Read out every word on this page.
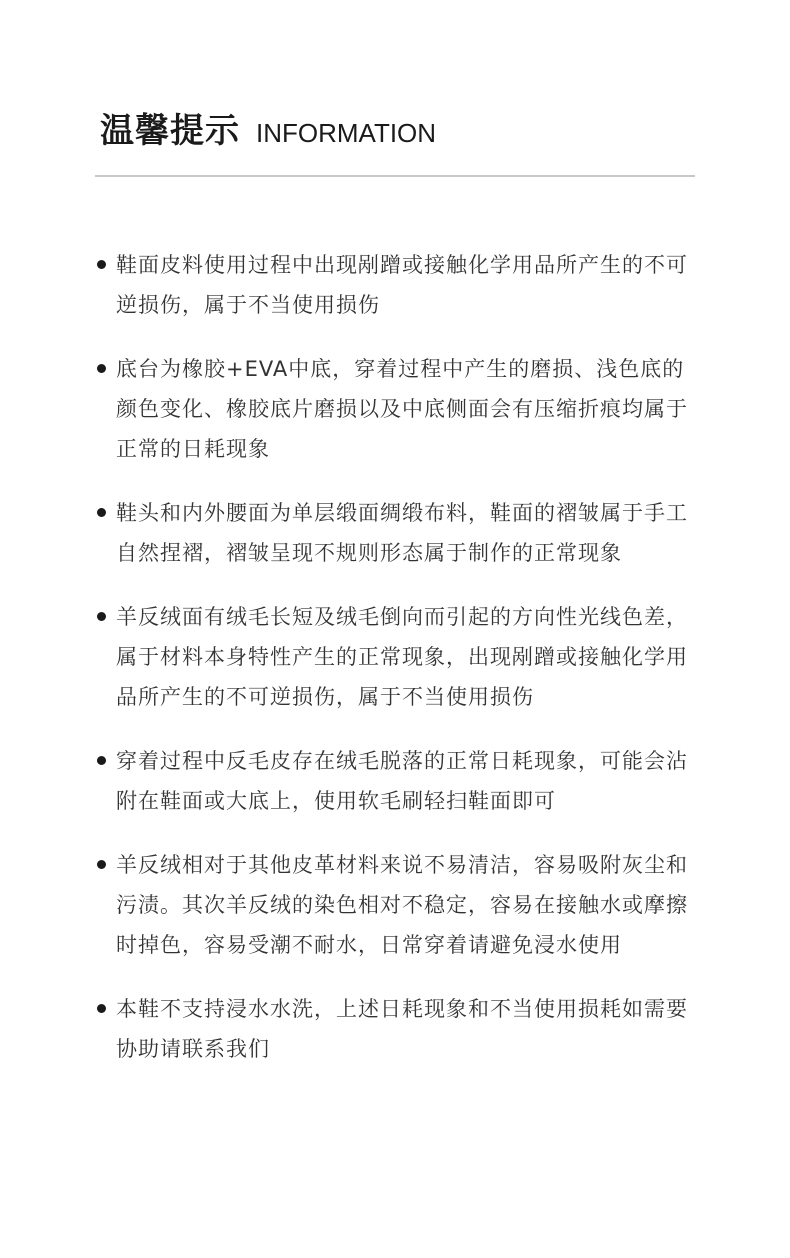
温馨提示 INFORMATION
鞋面皮料使用过程中出现剐蹭或接触化学用品所产生的不可逆损伤，属于不当使用损伤
底台为橡胶+EVA中底，穿着过程中产生的磨损、浅色底的颜色变化、橡胶底片磨损以及中底侧面会有压缩折痕均属于正常的日耗现象
鞋头和内外腰面为单层缎面绸缎布料，鞋面的褶皱属于手工自然捏褶，褶皱呈现不规则形态属于制作的正常现象
羊反绒面有绒毛长短及绒毛倒向而引起的方向性光线色差，属于材料本身特性产生的正常现象，出现剐蹭或接触化学用品所产生的不可逆损伤，属于不当使用损伤
穿着过程中反毛皮存在绒毛脱落的正常日耗现象，可能会沾附在鞋面或大底上，使用软毛刷轻扫鞋面即可
羊反绒相对于其他皮革材料来说不易清洁，容易吸附灰尘和污渍。其次羊反绒的染色相对不稳定，容易在接触水或摩擦时掉色，容易受潮不耐水，日常穿着请避免浸水使用
本鞋不支持浸水水洗，上述日耗现象和不当使用损耗如需要协助请联系我们
